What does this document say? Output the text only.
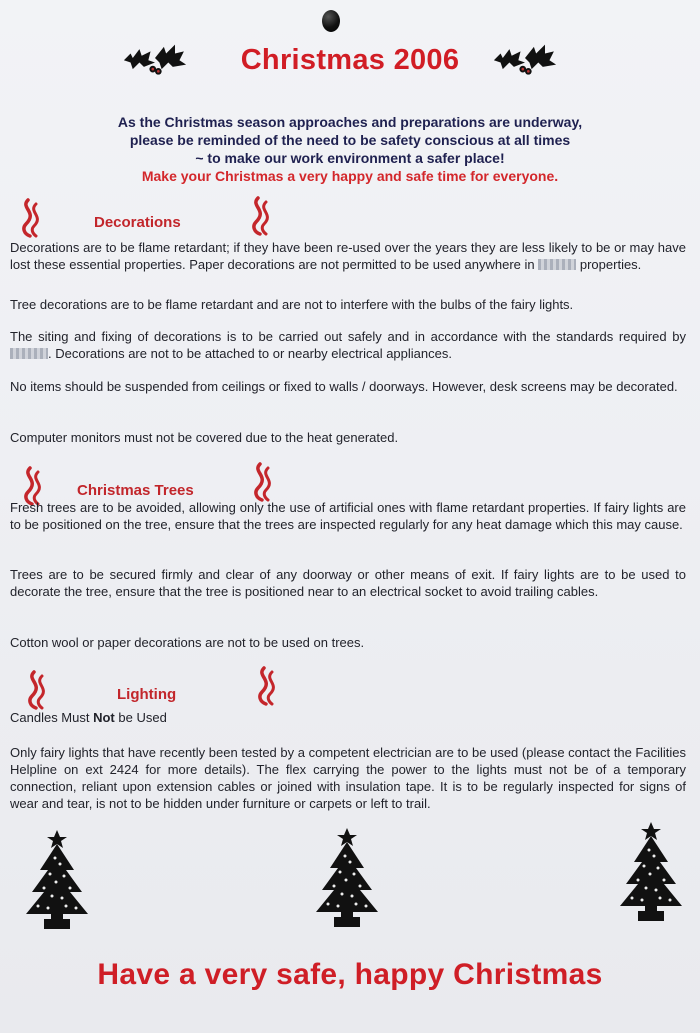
Christmas 2006
As the Christmas season approaches and preparations are underway,
please be reminded of the need to be safety conscious at all times
~ to make our work environment a safer place!
Make your Christmas a very happy and safe time for everyone.
Decorations
Decorations are to be flame retardant; if they have been re-used over the years they are less likely to be or may have lost these essential properties. Paper decorations are not permitted to be used anywhere in	properties.
Tree decorations are to be flame retardant and are not to interfere with the bulbs of the fairy lights.
The siting and fixing of decorations is to be carried out safely and in accordance with the standards required by . Decorations are not to be attached to or nearby electrical appliances.
No items should be suspended from ceilings or fixed to walls / doorways. However, desk screens may be decorated.
Computer monitors must not be covered due to the heat generated.
Christmas Trees
Fresh trees are to be avoided, allowing only the use of artificial ones with flame retardant properties. If fairy lights are to be positioned on the tree, ensure that the trees are inspected regularly for any heat damage which this may cause.
Trees are to be secured firmly and clear of any doorway or other means of exit. If fairy lights are to be used to decorate the tree, ensure that the tree is positioned near to an electrical socket to avoid trailing cables.
Cotton wool or paper decorations are not to be used on trees.
Lighting
Candles Must Not be Used
Only fairy lights that have recently been tested by a competent electrician are to be used (please contact the Facilities Helpline on ext 2424 for more details). The flex carrying the power to the lights must not be of a temporary connection, reliant upon extension cables or joined with insulation tape. It is to be regularly inspected for signs of wear and tear, is not to be hidden under furniture or carpets or left to trail.
Have a very safe, happy Christmas
